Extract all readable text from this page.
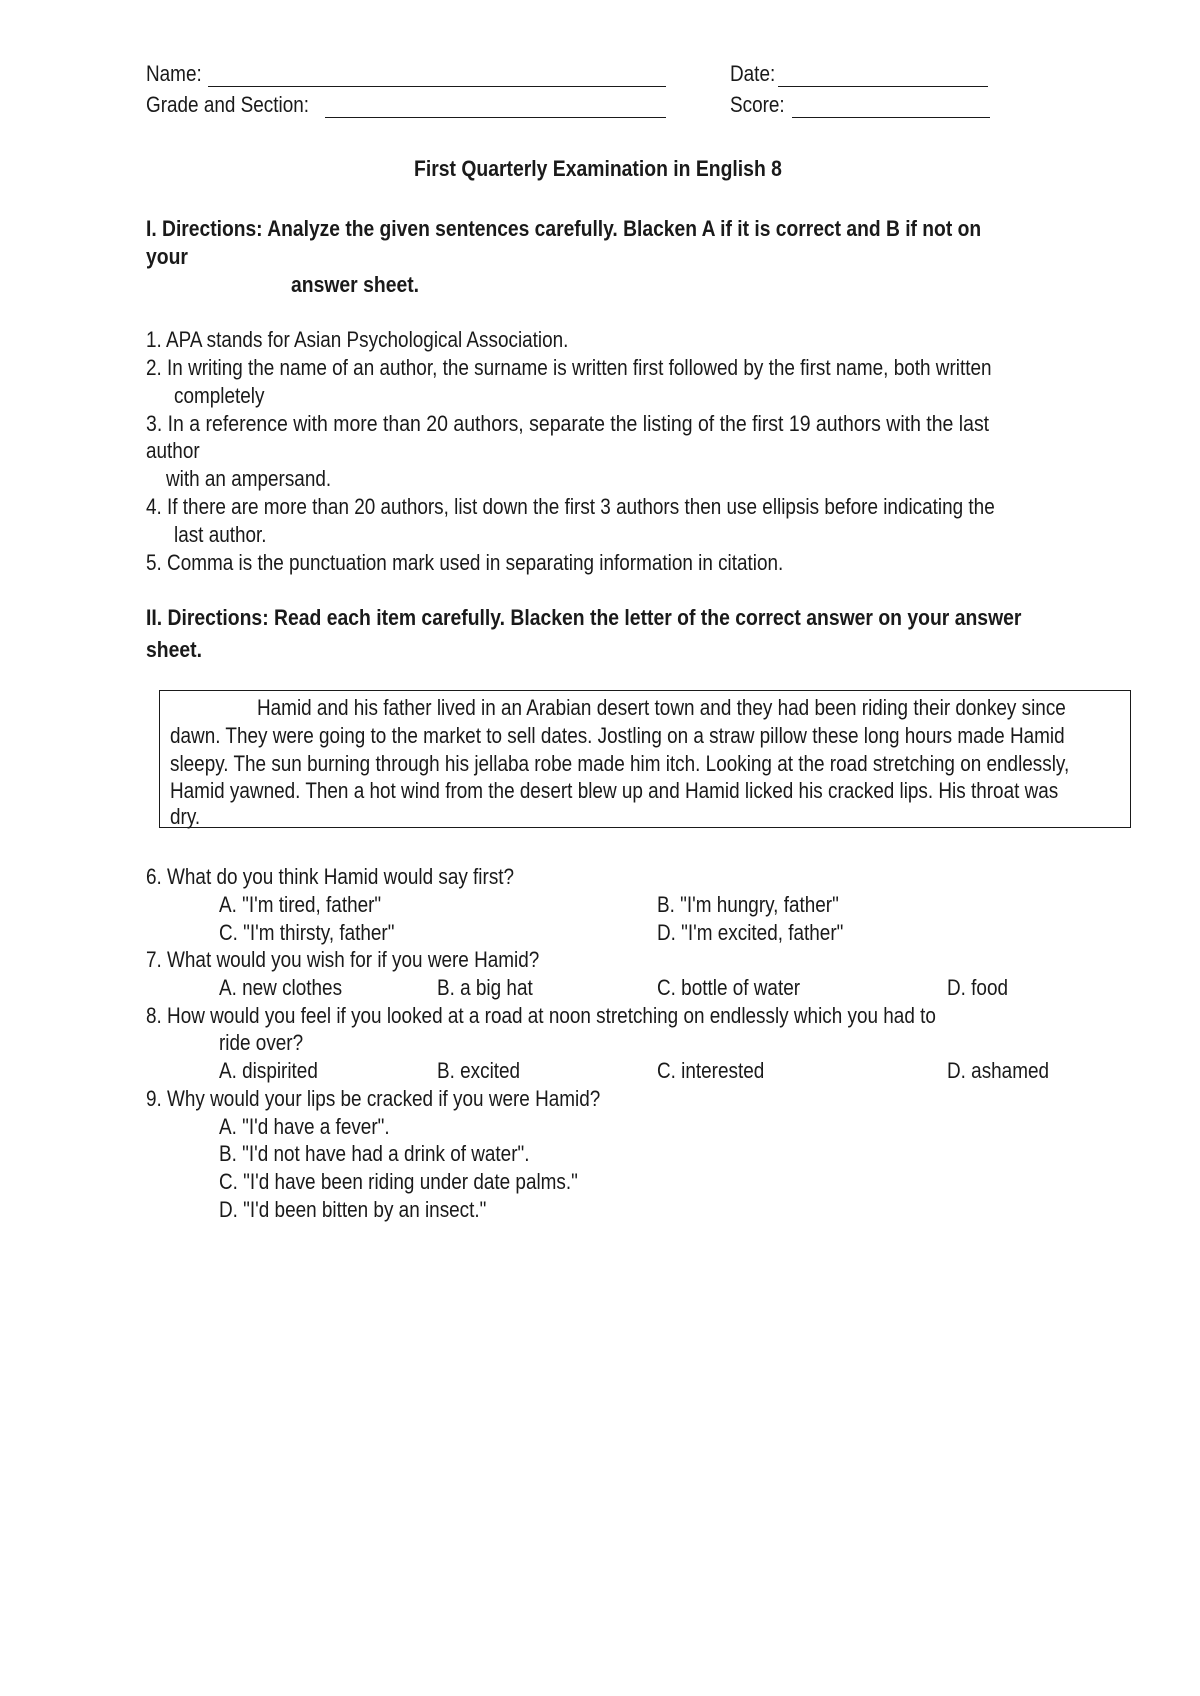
Name:	Date:
Grade and Section:	Score:
First Quarterly Examination in English 8
I. Directions: Analyze the given sentences carefully. Blacken A if it is correct and B if not on
your
answer sheet.
1. APA stands for Asian Psychological Association.
2. In writing the name of an author, the surname is written first followed by the first name, both written
completely
3. In a reference with more than 20 authors, separate the listing of the first 19 authors with the last
author
with an ampersand.
4. If there are more than 20 authors, list down the first 3 authors then use ellipsis before indicating the
last author.
5. Comma is the punctuation mark used in separating information in citation.
II. Directions: Read each item carefully. Blacken the letter of the correct answer on your answer
sheet.
Hamid and his father lived in an Arabian desert town and they had been riding their donkey since
dawn. They were going to the market to sell dates. Jostling on a straw pillow these long hours made Hamid
sleepy. The sun burning through his jellaba robe made him itch. Looking at the road stretching on endlessly,
Hamid yawned. Then a hot wind from the desert blew up and Hamid licked his cracked lips. His throat was
dry.
6. What do you think Hamid would say first?
A. "I'm tired, father"	B. "I'm hungry, father"
C. "I'm thirsty, father"	D. "I'm excited, father"
7. What would you wish for if you were Hamid?
A. new clothes	B. a big hat	C. bottle of water	D. food
8. How would you feel if you looked at a road at noon stretching on endlessly which you had to
ride over?
A. dispirited	B. excited	C. interested	D. ashamed
9. Why would your lips be cracked if you were Hamid?
A. "I'd have a fever".
B. "I'd not have had a drink of water".
C. "I'd have been riding under date palms."
D. "I'd been bitten by an insect."
